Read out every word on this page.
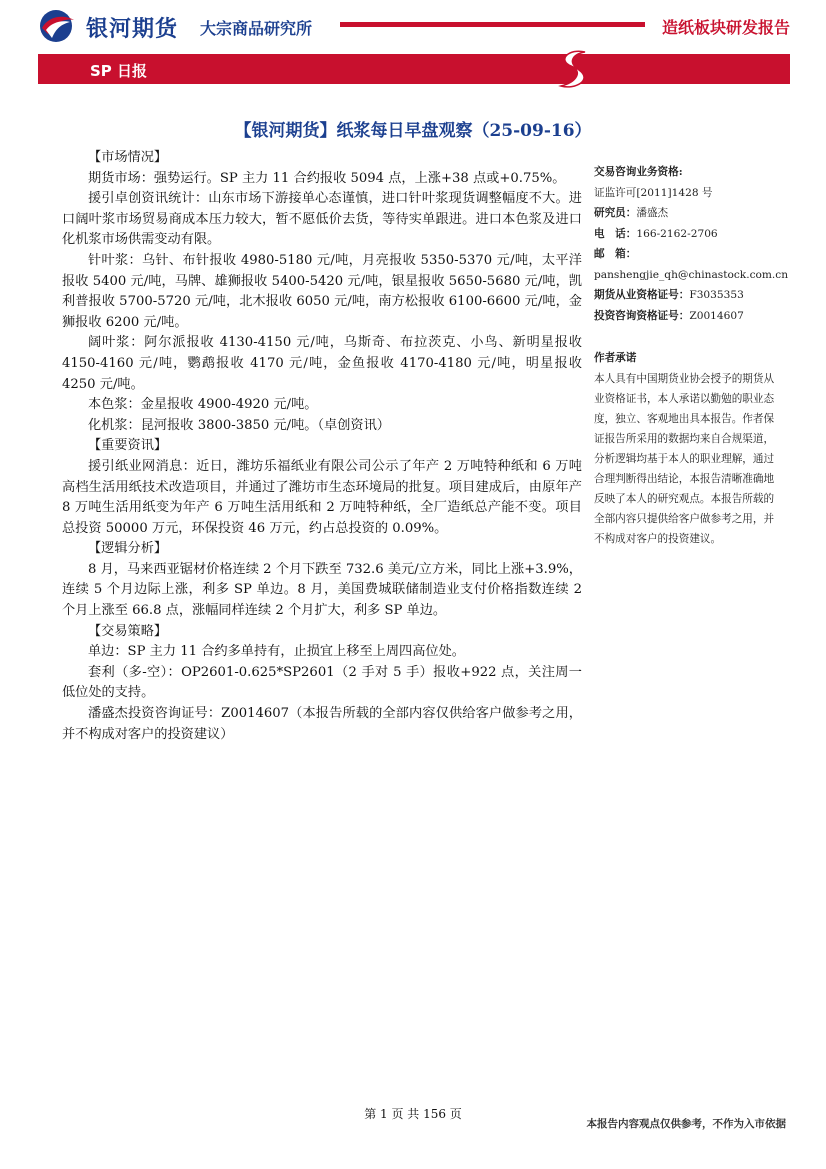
银河期货 大宗商品研究所	造纸板块研发报告
SP 日报
【银河期货】纸浆每日早盘观察（25-09-16）

【市场情况】

期货市场：强势运行。SP 主力 11 合约报收 5094 点，上涨+38 点或+0.75%。

援引卓创资讯统计：山东市场下游接单心态谨慎，进口针叶浆现货调整幅度不大。进口阔叶浆市场贸易商成本压力较大，暂不愿低价去货，等待实单跟进。进口本色浆及进口化机浆市场供需变动有限。

针叶浆：乌针、布针报收 4980-5180 元/吨，月亮报收 5350-5370 元/吨，太平洋报收 5400 元/吨，马牌、雄狮报收 5400-5420 元/吨，银星报收 5650-5680 元/吨，凯利普报收 5700-5720 元/吨，北木报收 6050 元/吨，南方松报收 6100-6600 元/吨，金狮报收 6200 元/吨。

阔叶浆：阿尔派报收 4130-4150 元/吨，乌斯奇、布拉茨克、小鸟、新明星报收 4150-4160 元/吨，鹦鹉报收 4170 元/吨，金鱼报收 4170-4180 元/吨，明星报收 4250 元/吨。

本色浆：金星报收 4900-4920 元/吨。

化机浆：昆河报收 3800-3850 元/吨。（卓创资讯）

【重要资讯】

援引纸业网消息：近日，潍坊乐福纸业有限公司公示了年产 2 万吨特种纸和 6 万吨高档生活用纸技术改造项目，并通过了潍坊市生态环境局的批复。项目建成后，由原年产 8 万吨生活用纸变为年产 6 万吨生活用纸和 2 万吨特种纸，全厂造纸总产能不变。项目总投资 50000 万元，环保投资 46 万元，约占总投资的 0.09%。

【逻辑分析】

8 月，马来西亚锯材价格连续 2 个月下跌至 732.6 美元/立方米，同比上涨+3.9%，连续 5 个月边际上涨，利多 SP 单边。8 月，美国费城联储制造业支付价格指数连续 2 个月上涨至 66.8 点，涨幅同样连续 2 个月扩大，利多 SP 单边。

【交易策略】

单边：SP 主力 11 合约多单持有，止损宜上移至上周四高位处。

套利（多-空）：OP2601-0.625*SP2601（2 手对 5 手）报收+922 点，关注周一低位处的支持。

潘盛杰投资咨询证号：Z0014607（本报告所载的全部内容仅供给客户做参考之用，并不构成对客户的投资建议）

交易咨询业务资格:
证监许可[2011]1428 号
研究员：潘盛杰
电　话：166-2162-2706
邮　箱：
panshengjie_qh@chinastock.com.cn
期货从业资格证号：F3035353
投资咨询资格证号：Z0014607
作者承诺

本人具有中国期货业协会授予的期货从业资格证书，本人承诺以勤勉的职业态度，独立、客观地出具本报告。作者保证报告所采用的数据均来自合规渠道，分析逻辑均基于本人的职业理解，通过合理判断得出结论，本报告清晰准确地反映了本人的研究观点。本报告所载的全部内容只提供给客户做参考之用，并不构成对客户的投资建议。

第 1 页 共 156 页
本报告内容观点仅供参考，不作为入市依据
